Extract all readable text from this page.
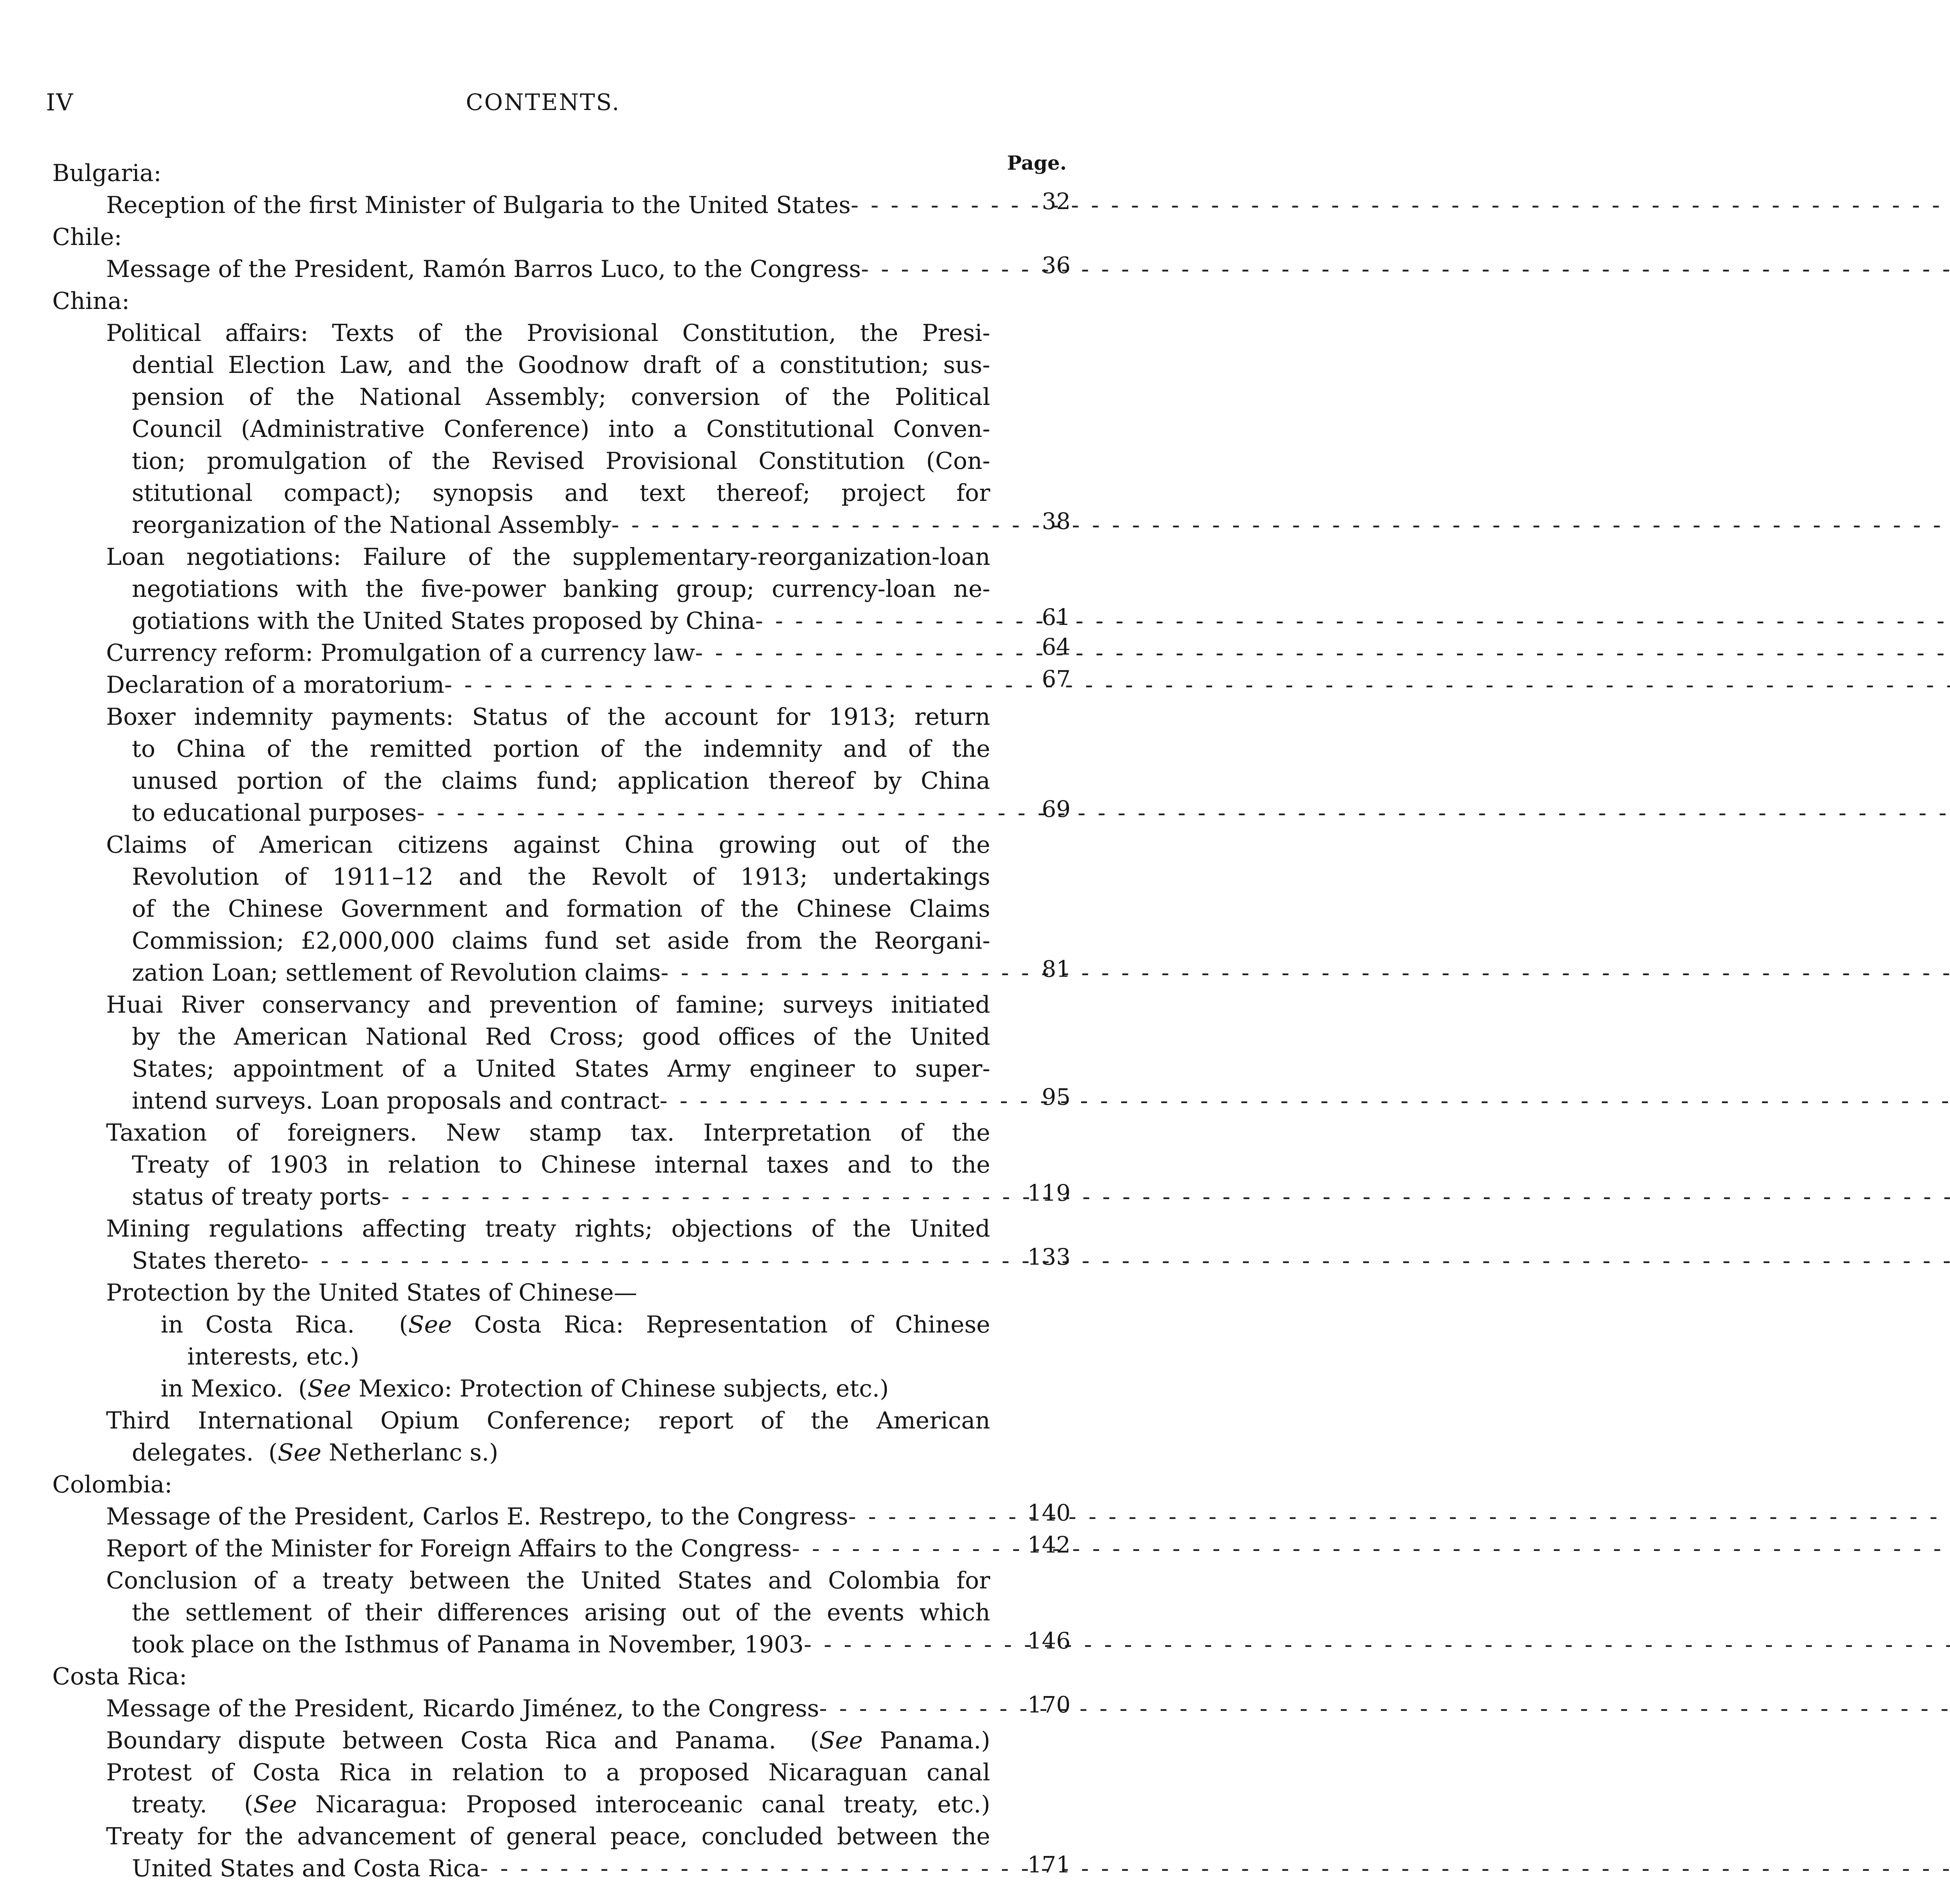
IV	CONTENTS.
Page.
Bulgaria:
Reception of the first Minister of Bulgaria to the United States - - -	32
Chile:
Message of the President, Ramón Barros Luco, to the Congress - - -	36
China:
Political affairs: Texts of the Provisional Constitution, the Presi-
dential Election Law, and the Goodnow draft of a constitution; sus-
pension of the National Assembly; conversion of the Political
Council (Administrative Conference) into a Constitutional Conven-
tion; promulgation of the Revised Provisional Constitution (Con-
stitutional compact); synopsis and text thereof; project for
reorganization of the National Assembly - - -	38
Loan negotiations: Failure of the supplementary-reorganization-loan
negotiations with the five-power banking group; currency-loan ne-
gotiations with the United States proposed by China - - -	61
Currency reform: Promulgation of a currency law - - -	64
Declaration of a moratorium - - -	67
Boxer indemnity payments: Status of the account for 1913; return
to China of the remitted portion of the indemnity and of the
unused portion of the claims fund; application thereof by China
to educational purposes - - -	69
Claims of American citizens against China growing out of the
Revolution of 1911–12 and the Revolt of 1913; undertakings
of the Chinese Government and formation of the Chinese Claims
Commission; £2,000,000 claims fund set aside from the Reorgani-
zation Loan; settlement of Revolution claims - - -	81
Huai River conservancy and prevention of famine; surveys initiated
by the American National Red Cross; good offices of the United
States; appointment of a United States Army engineer to super-
intend surveys. Loan proposals and contract - - -	95
Taxation of foreigners. New stamp tax. Interpretation of the
Treaty of 1903 in relation to Chinese internal taxes and to the
status of treaty ports - - -	119
Mining regulations affecting treaty rights; objections of the United
States thereto - - -	133
Protection by the United States of Chinese—
in Costa Rica.  (See Costa Rica: Representation of Chinese
interests, etc.)
in Mexico.  (See Mexico: Protection of Chinese subjects, etc.)
Third International Opium Conference; report of the American
delegates.  (See Netherlanc s.)
Colombia:
Message of the President, Carlos E. Restrepo, to the Congress - - -	140
Report of the Minister for Foreign Affairs to the Congress - - -	142
Conclusion of a treaty between the United States and Colombia for
the settlement of their differences arising out of the events which
took place on the Isthmus of Panama in November, 1903 - - -	146
Costa Rica:
Message of the President, Ricardo Jiménez, to the Congress - - -	170
Boundary dispute between Costa Rica and Panama.  (See Panama.)
Protest of Costa Rica in relation to a proposed Nicaraguan canal
treaty.  (See Nicaragua: Proposed interoceanic canal treaty, etc.)
Treaty for the advancement of general peace, concluded between the
United States and Costa Rica - - -	171
